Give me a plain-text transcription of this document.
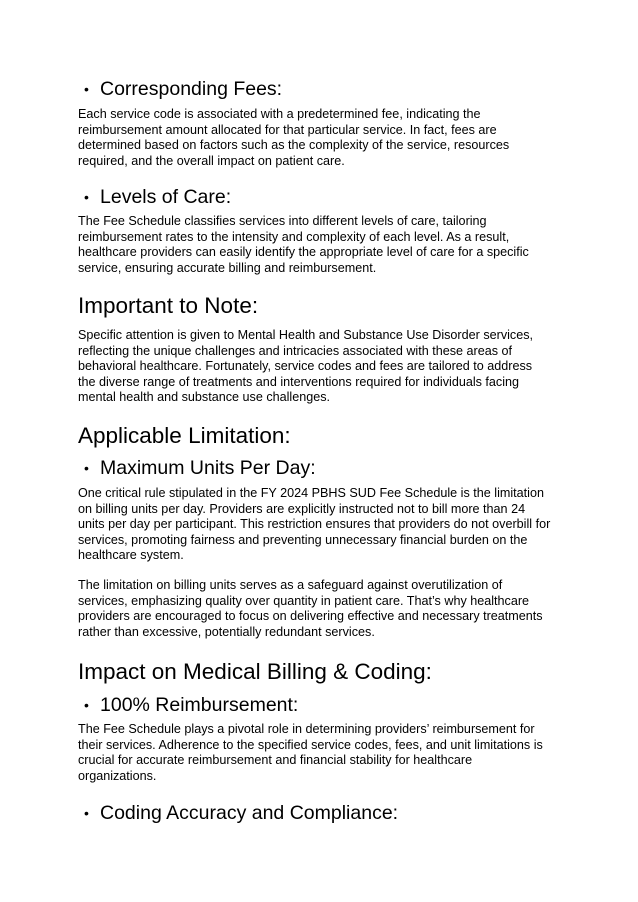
• Corresponding Fees:
Each service code is associated with a predetermined fee, indicating the
reimbursement amount allocated for that particular service. In fact, fees are
determined based on factors such as the complexity of the service, resources
required, and the overall impact on patient care.
• Levels of Care:
The Fee Schedule classifies services into different levels of care, tailoring
reimbursement rates to the intensity and complexity of each level. As a result,
healthcare providers can easily identify the appropriate level of care for a specific
service, ensuring accurate billing and reimbursement.
Important to Note:
Specific attention is given to Mental Health and Substance Use Disorder services,
reflecting the unique challenges and intricacies associated with these areas of
behavioral healthcare. Fortunately, service codes and fees are tailored to address
the diverse range of treatments and interventions required for individuals facing
mental health and substance use challenges.
Applicable Limitation:
• Maximum Units Per Day:
One critical rule stipulated in the FY 2024 PBHS SUD Fee Schedule is the limitation
on billing units per day. Providers are explicitly instructed not to bill more than 24
units per day per participant. This restriction ensures that providers do not overbill for
services, promoting fairness and preventing unnecessary financial burden on the
healthcare system.
The limitation on billing units serves as a safeguard against overutilization of
services, emphasizing quality over quantity in patient care. That’s why healthcare
providers are encouraged to focus on delivering effective and necessary treatments
rather than excessive, potentially redundant services.
Impact on Medical Billing & Coding:
• 100% Reimbursement:
The Fee Schedule plays a pivotal role in determining providers’ reimbursement for
their services. Adherence to the specified service codes, fees, and unit limitations is
crucial for accurate reimbursement and financial stability for healthcare
organizations.
• Coding Accuracy and Compliance:
